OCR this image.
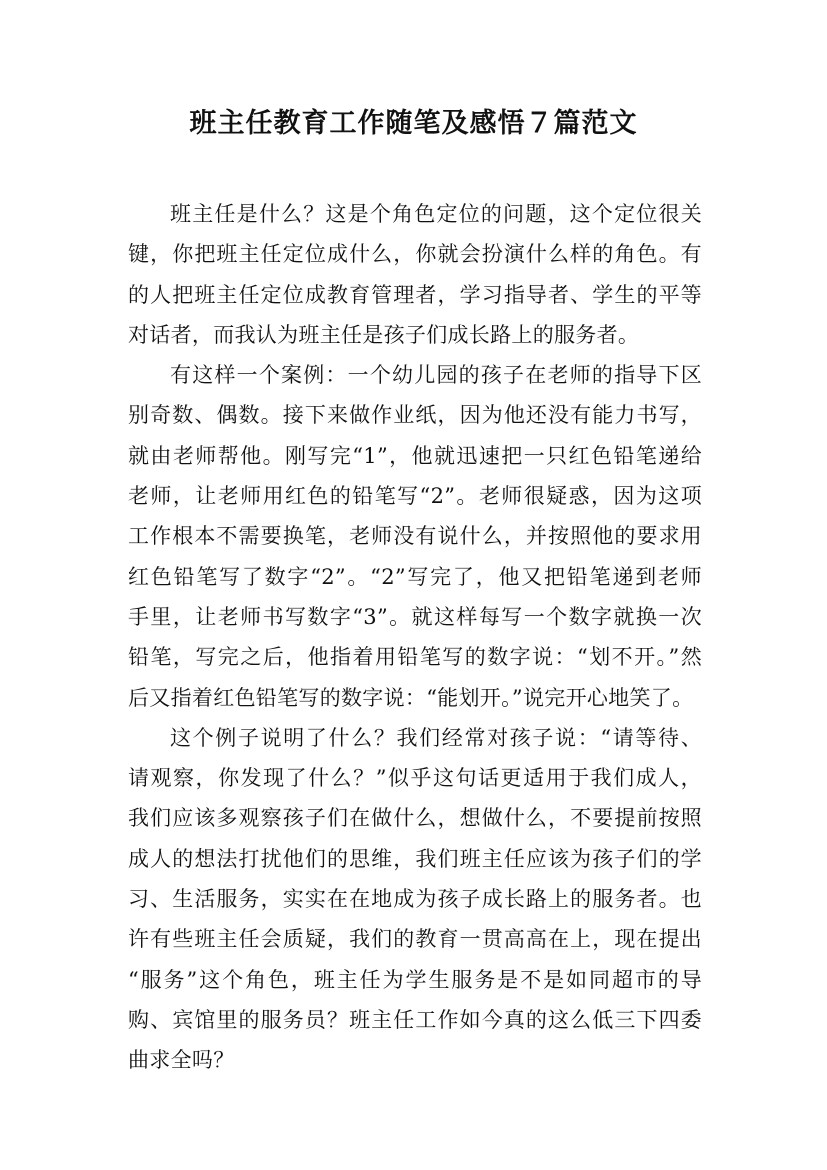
班主任教育工作随笔及感悟７篇范文
班主任是什么？这是个角色定位的问题，这个定位很关
键，你把班主任定位成什么，你就会扮演什么样的角色。有
的人把班主任定位成教育管理者，学习指导者、学生的平等
对话者，而我认为班主任是孩子们成长路上的服务者。
有这样一个案例：一个幼儿园的孩子在老师的指导下区
别奇数、偶数。接下来做作业纸，因为他还没有能力书写，
就由老师帮他。刚写完“1”，他就迅速把一只红色铅笔递给
老师，让老师用红色的铅笔写“2”。老师很疑惑，因为这项
工作根本不需要换笔，老师没有说什么，并按照他的要求用
红色铅笔写了数字“2”。“2”写完了，他又把铅笔递到老师
手里，让老师书写数字“3”。就这样每写一个数字就换一次
铅笔，写完之后，他指着用铅笔写的数字说：“划不开。”然
后又指着红色铅笔写的数字说：“能划开。”说完开心地笑了。
这个例子说明了什么？我们经常对孩子说：“请等待、
请观察，你发现了什么？”似乎这句话更适用于我们成人，
我们应该多观察孩子们在做什么，想做什么，不要提前按照
成人的想法打扰他们的思维，我们班主任应该为孩子们的学
习、生活服务，实实在在地成为孩子成长路上的服务者。也
许有些班主任会质疑，我们的教育一贯高高在上，现在提出
“服务”这个角色，班主任为学生服务是不是如同超市的导
购、宾馆里的服务员？班主任工作如今真的这么低三下四委
曲求全吗？
